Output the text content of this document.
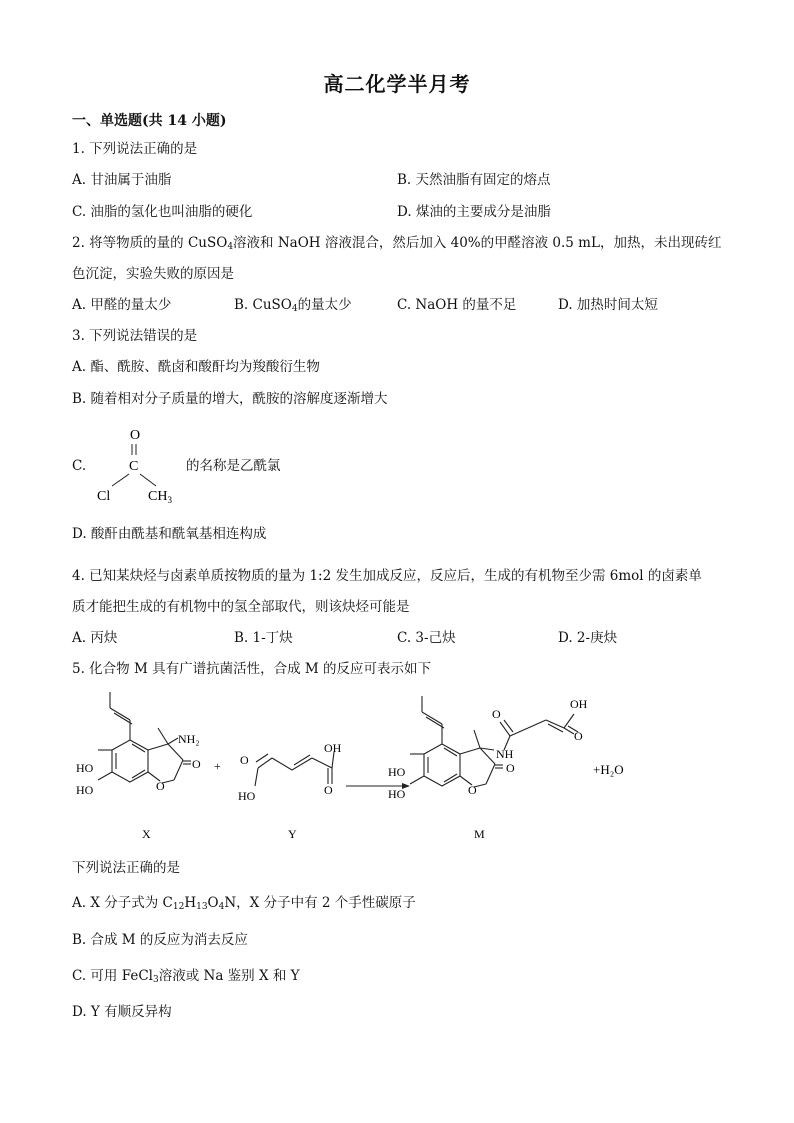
高二化学半月考
一、单选题(共 14 小题)
1. 下列说法正确的是
A. 甘油属于油脂	B. 天然油脂有固定的熔点
C. 油脂的氢化也叫油脂的硬化	D. 煤油的主要成分是油脂
2. 将等物质的量的 CuSO$_4$溶液和 NaOH 溶液混合，然后加入 40%的甲醛溶液 0.5 mL，加热，未出现砖红
色沉淀，实验失败的原因是
A. 甲醛的量太少	B. CuSO$_4$的量太少	C. NaOH 的量不足	D. 加热时间太短
3. 下列说法错误的是
A. 酯、酰胺、酰卤和酸酐均为羧酸衍生物
B. 随着相对分子质量的增大，酰胺的溶解度逐渐增大
C.
O
C
Cl	$CH_3$
的名称是乙酰氯
D. 酸酐由酰基和酰氧基相连构成
4. 已知某炔烃与卤素单质按物质的量为 1:2 发生加成反应，反应后，生成的有机物至少需 6mol 的卤素单
质才能把生成的有机物中的氢全部取代，则该炔烃可能是
A. 丙炔	B. 1-丁炔	C. 3-己炔	D. 2-庚炔
5. 化合物 M 具有广谱抗菌活性，合成 M 的反应可表示如下
HO
HO
NH₂
O
O +
X
O
HO
OH
O
Y
HO
HO
NH
O
O
O
OH
O
M
+H₂O
下列说法正确的是
A. X 分子式为 $C_{12}H_{13}O_4N$，X 分子中有 2 个手性碳原子
B. 合成 M 的反应为消去反应
C. 可用 FeCl$_3$溶液或 Na 鉴别 X 和 Y
D. Y 有顺反异构
